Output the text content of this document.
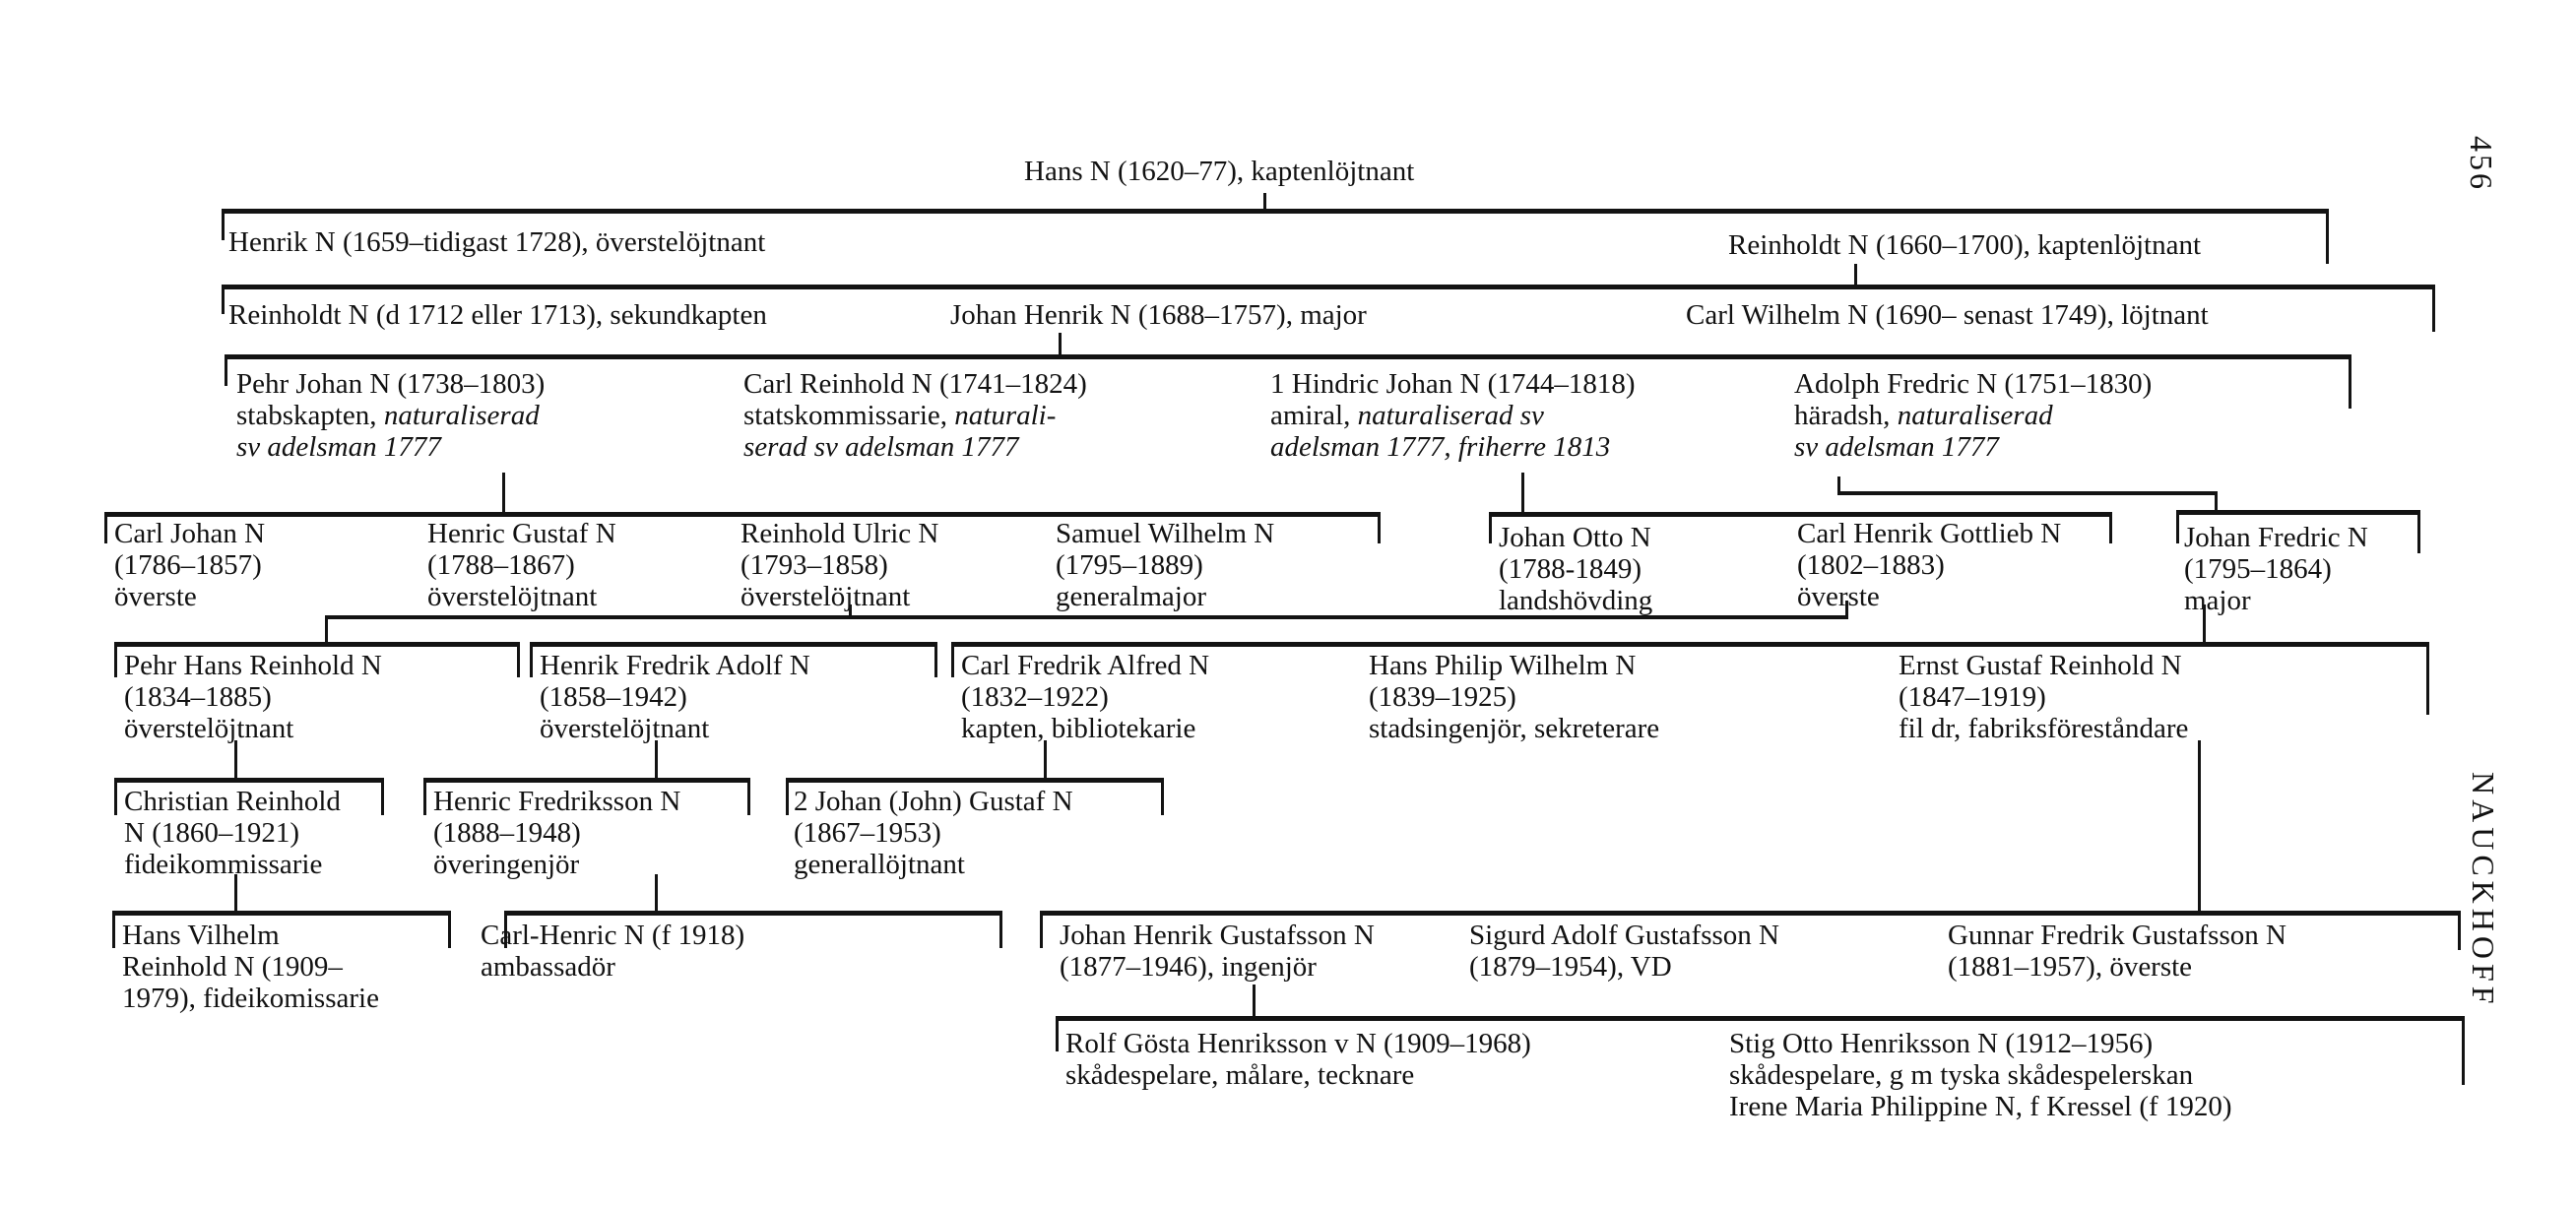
Hans N (1620–77), kaptenlöjtnant
Henrik N (1659–tidigast 1728), överstelöjtnant	Reinholdt N (1660–1700), kaptenlöjtnant
Reinholdt N (d 1712 eller 1713), sekundkapten	Johan Henrik N (1688–1757), major	Carl Wilhelm N (1690– senast 1749), löjtnant
Pehr Johan N (1738–1803)
stabskapten, naturaliserad
sv adelsman 1777
Carl Reinhold N (1741–1824)
statskommissarie, naturali-
serad sv adelsman 1777
1 Hindric Johan N (1744–1818)
amiral, naturaliserad sv
adelsman 1777, friherre 1813
Adolph Fredric N (1751–1830)
häradsh, naturaliserad
sv adelsman 1777
Carl Johan N
(1786–1857)
överste
Henric Gustaf N
(1788–1867)
överstelöjtnant
Reinhold Ulric N
(1793–1858)
överstelöjtnant
Samuel Wilhelm N
(1795–1889)
generalmajor
Johan Otto N
(1788-1849)
landshövding
Carl Henrik Gottlieb N
(1802–1883)
överste
Johan Fredric N
(1795–1864)
major
Pehr Hans Reinhold N
(1834–1885)
överstelöjtnant
Henrik Fredrik Adolf N
(1858–1942)
överstelöjtnant
Carl Fredrik Alfred N
(1832–1922)
kapten, bibliotekarie
Hans Philip Wilhelm N
(1839–1925)
stadsingenjör, sekreterare
Ernst Gustaf Reinhold N
(1847–1919)
fil dr, fabriksföreståndare
Christian Reinhold
N (1860–1921)
fideikommissarie
Henric Fredriksson N
(1888–1948)
överingenjör
2 Johan (John) Gustaf N
(1867–1953)
generallöjtnant
Hans Vilhelm
Reinhold N (1909–
1979), fideikomissarie
Carl-Henric N (f 1918)
ambassadör
Johan Henrik Gustafsson N
(1877–1946), ingenjör
Sigurd Adolf Gustafsson N
(1879–1954), VD
Gunnar Fredrik Gustafsson N
(1881–1957), överste
Rolf Gösta Henriksson v N (1909–1968)
skådespelare, målare, tecknare
Stig Otto Henriksson N (1912–1956)
skådespelare, g m tyska skådespelerskan
Irene Maria Philippine N, f Kressel (f 1920)
456
NAUCKHOFF
